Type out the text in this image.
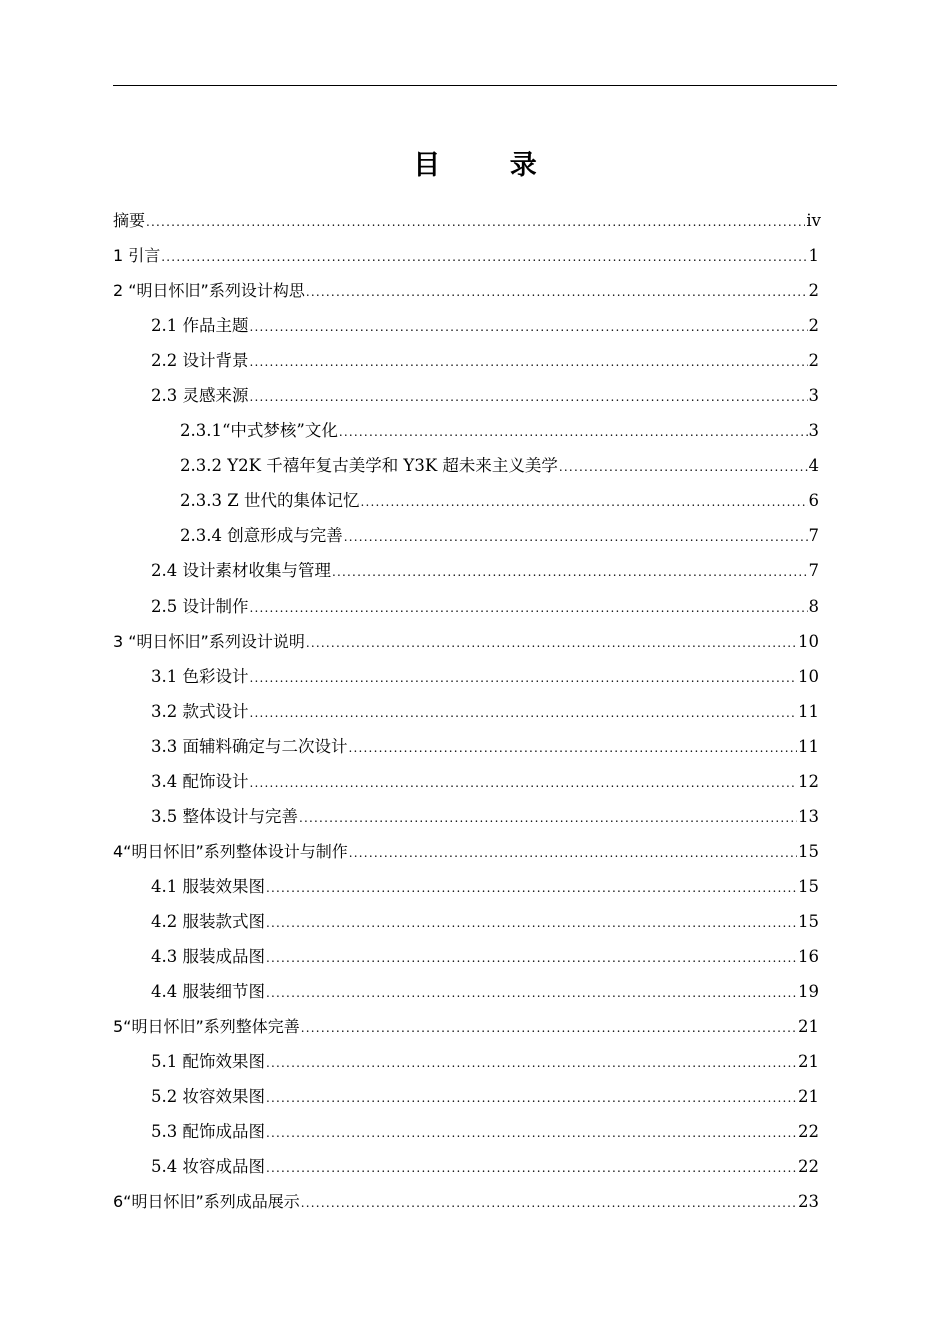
目 录
摘要 .....	iv
1 引言 .....	1
2 “明日怀旧”系列设计构思 .....	2
2.1 作品主题 .....	2
2.2 设计背景 .....	2
2.3 灵感来源 .....	3
2.3.1“中式梦核”文化 .....	3
2.3.2 Y2K 千禧年复古美学和 Y3K 超未来主义美学 .....	4
2.3.3 Z 世代的集体记忆 .....	6
2.3.4 创意形成与完善 .....	7
2.4 设计素材收集与管理 .....	7
2.5 设计制作 .....	8
3 “明日怀旧”系列设计说明 .....	10
3.1 色彩设计 .....	10
3.2 款式设计 .....	11
3.3 面辅料确定与二次设计 .....	11
3.4 配饰设计 .....	12
3.5 整体设计与完善 .....	13
4“明日怀旧”系列整体设计与制作 .....	15
4.1 服装效果图 .....	15
4.2 服装款式图 .....	15
4.3 服装成品图 .....	16
4.4 服装细节图 .....	19
5“明日怀旧”系列整体完善 .....	21
5.1 配饰效果图 .....	21
5.2 妆容效果图 .....	21
5.3 配饰成品图 .....	22
5.4 妆容成品图 .....	22
6“明日怀旧”系列成品展示 .....	23
